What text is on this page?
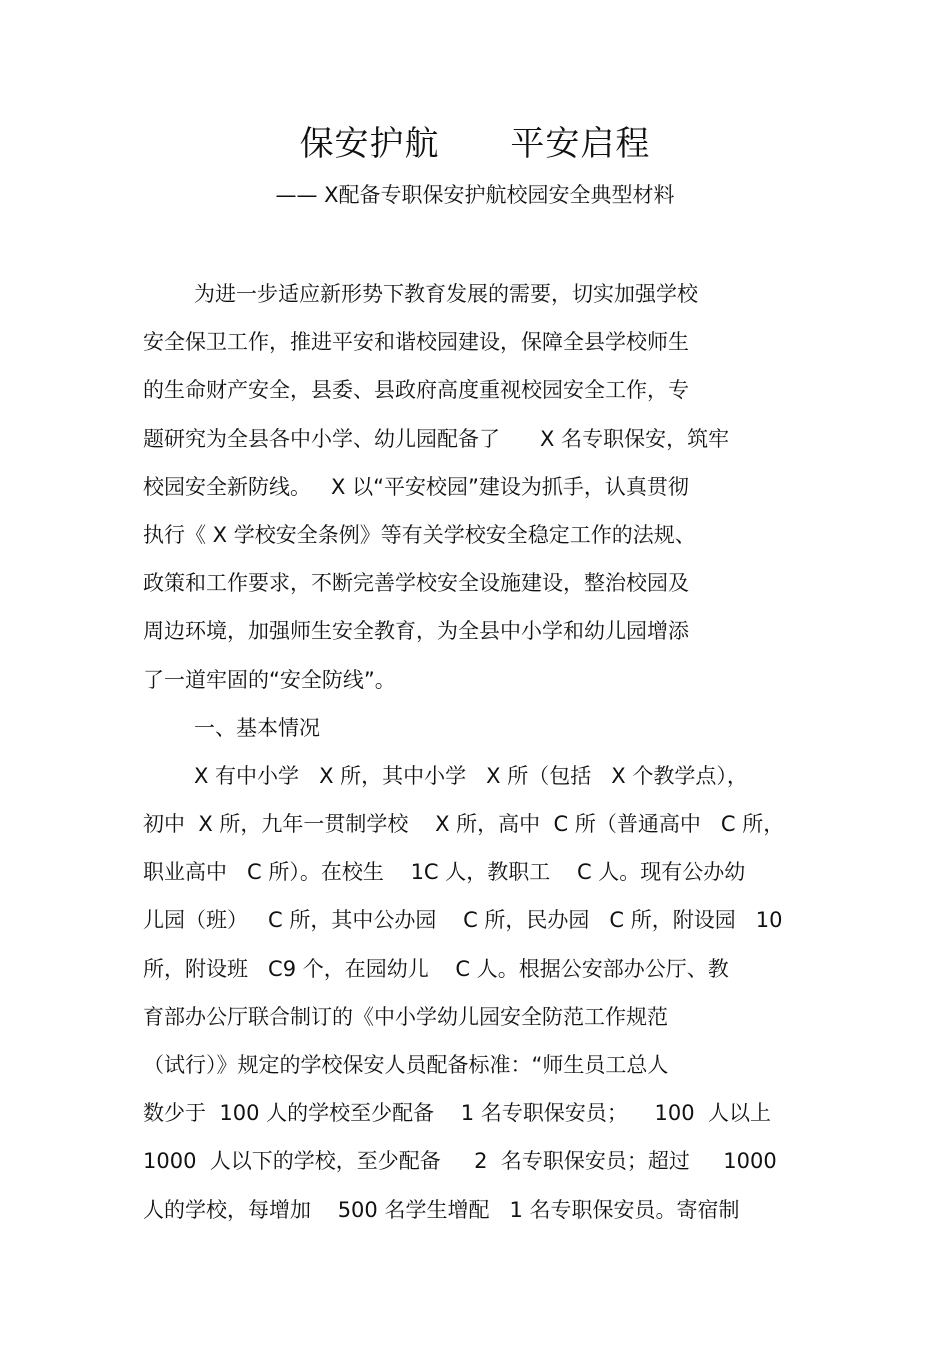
保安护航      平安启程
—— X配备专职保安护航校园安全典型材料
为进一步适应新形势下教育发展的需要，切实加强学校
安全保卫工作，推进平安和谐校园建设，保障全县学校师生
的生命财产安全，县委、县政府高度重视校园安全工作，专
题研究为全县各中小学、幼儿园配备了      X 名专职保安，筑牢
校园安全新防线。   X 以“平安校园”建设为抓手，认真贯彻
执行《 X 学校安全条例》等有关学校安全稳定工作的法规、
政策和工作要求，不断完善学校安全设施建设，整治校园及
周边环境，加强师生安全教育，为全县中小学和幼儿园增添
了一道牢固的“安全防线”。
一、基本情况
X 有中小学   X 所，其中小学   X 所（包括   X 个教学点），
初中  X 所，九年一贯制学校    X 所，高中  C 所（普通高中   C 所，
职业高中   C 所）。在校生    1C 人，教职工    C 人。现有公办幼
儿园（班）   C 所，其中公办园    C 所，民办园   C 所，附设园   10
所，附设班   C9 个，在园幼儿    C 人。根据公安部办公厅、教
育部办公厅联合制订的《中小学幼儿园安全防范工作规范
（试行）》规定的学校保安人员配备标准：“师生员工总人
数少于  100 人的学校至少配备    1 名专职保安员；    100  人以上
1000  人以下的学校，至少配备     2  名专职保安员；超过     1000
人的学校，每增加    500 名学生增配   1 名专职保安员。寄宿制
